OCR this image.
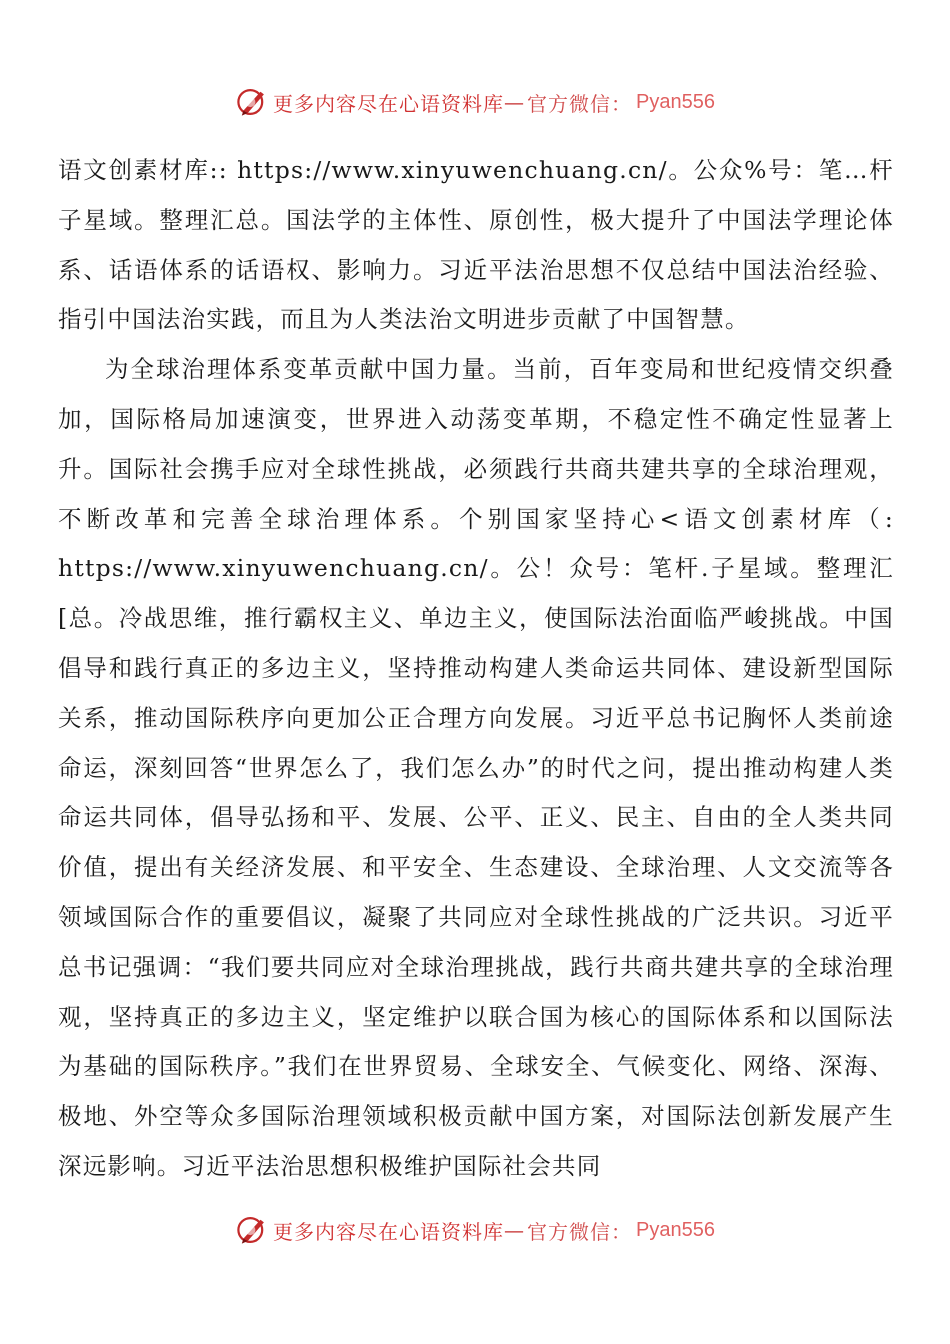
更多内容尽在心语资料库 — 官方微信： Pyan556

语文创素材库:: https://www.xinyuwenchuang.cn/。公众%号：笔…杆子星域。整理汇总。国法学的主体性、原创性，极大提升了中国法学理论体系、话语体系的话语权、影响力。习近平法治思想不仅总结中国法治经验、指引中国法治实践，而且为人类法治文明进步贡献了中国智慧。

为全球治理体系变革贡献中国力量。当前，百年变局和世纪疫情交织叠加，国际格局加速演变，世界进入动荡变革期，不稳定性不确定性显著上升。国际社会携手应对全球性挑战，必须践行共商共建共享的全球治理观，不断改革和完善全球治理体系。个别国家坚持心<语文创素材库（: https://www.xinyuwenchuang.cn/。公！众号：笔杆.子星域。整理汇[总。冷战思维，推行霸权主义、单边主义，使国际法治面临严峻挑战。中国倡导和践行真正的多边主义，坚持推动构建人类命运共同体、建设新型国际关系，推动国际秩序向更加公正合理方向发展。习近平总书记胸怀人类前途命运，深刻回答“世界怎么了，我们怎么办”的时代之问，提出推动构建人类命运共同体，倡导弘扬和平、发展、公平、正义、民主、自由的全人类共同价值，提出有关经济发展、和平安全、生态建设、全球治理、人文交流等各领域国际合作的重要倡议，凝聚了共同应对全球性挑战的广泛共识。习近平总书记强调：“我们要共同应对全球治理挑战，践行共商共建共享的全球治理观，坚持真正的多边主义，坚定维护以联合国为核心的国际体系和以国际法为基础的国际秩序。”我们在世界贸易、全球安全、气候变化、网络、深海、极地、外空等众多国际治理领域积极贡献中国方案，对国际法创新发展产生深远影响。习近平法治思想积极维护国际社会共同

更多内容尽在心语资料库 — 官方微信： Pyan556
